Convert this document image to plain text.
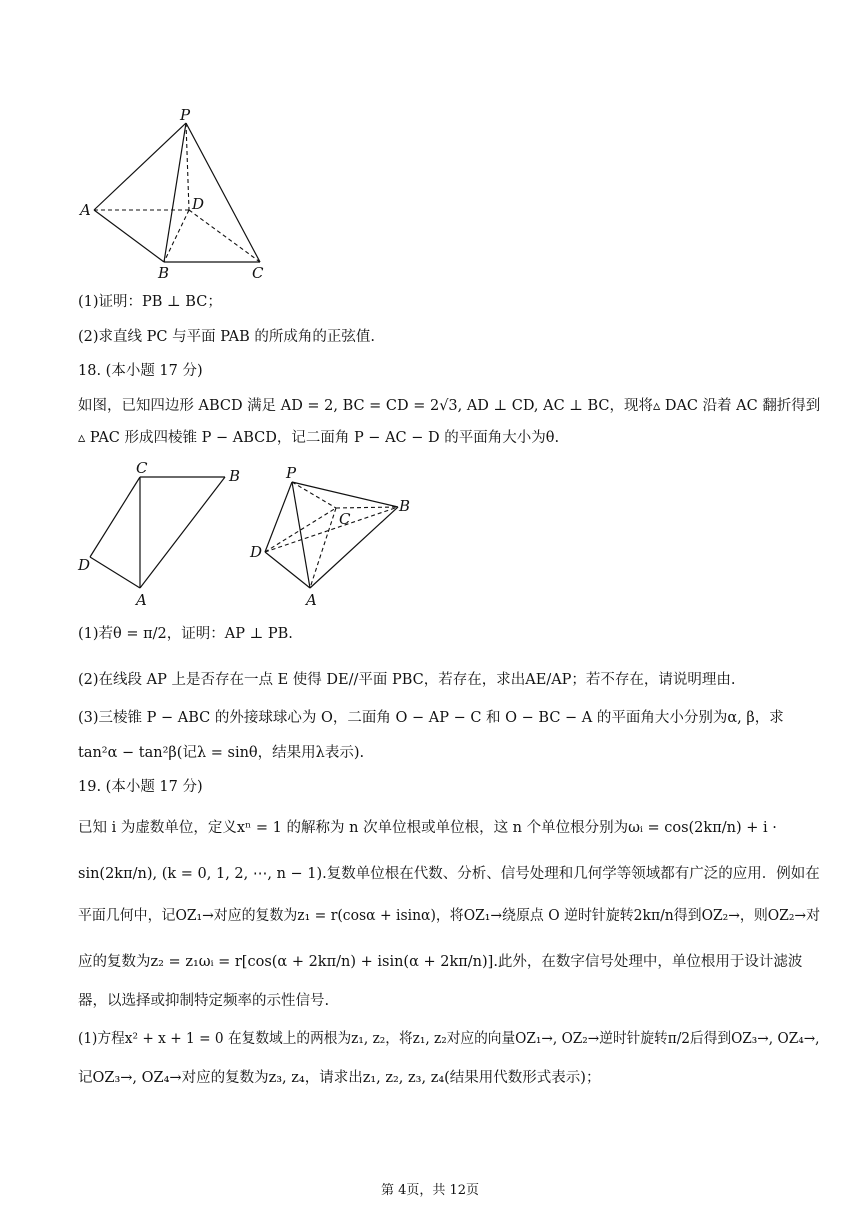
P
A	D
B	C
(1)证明：PB ⊥ BC；
(2)求直线 PC 与平面 PAB 的所成角的正弦值.
18. (本小题 17 分)
如图，已知四边形 ABCD 满足 AD = 2, BC = CD = 2√3, AD ⊥ CD, AC ⊥ BC，现将▵ DAC 沿着 AC 翻折得到
▵ PAC 形成四棱锥 P − ABCD，记二面角 P − AC − D 的平面角大小为θ.
C	B
D
A
P
C
B
D
A
(1)若θ = π/2，证明：AP ⊥ PB.
(2)在线段 AP 上是否存在一点 E 使得 DE//平面 PBC，若存在，求出AE/AP；若不存在，请说明理由.
(3)三棱锥 P − ABC 的外接球球心为 O，二面角 O − AP − C 和 O − BC − A 的平面角大小分别为α, β，求
tan²α − tan²β(记λ = sinθ，结果用λ表示).
19. (本小题 17 分)
已知 i 为虚数单位，定义xⁿ = 1 的解称为 n 次单位根或单位根，这 n 个单位根分别为ωᵢ = cos(2kπ/n) + i ·
sin(2kπ/n), (k = 0, 1, 2, ⋯, n − 1).复数单位根在代数、分析、信号处理和几何学等领域都有广泛的应用．例如在
平面几何中，记OZ₁→对应的复数为z₁ = r(cosα + isinα)，将OZ₁→绕原点 O 逆时针旋转2kπ/n得到OZ₂→，则OZ₂→对
应的复数为z₂ = z₁ωᵢ = r[cos(α + 2kπ/n) + isin(α + 2kπ/n)].此外，在数字信号处理中，单位根用于设计滤波
器，以选择或抑制特定频率的示性信号.
(1)方程x² + x + 1 = 0 在复数域上的两根为z₁, z₂，将z₁, z₂对应的向量OZ₁→, OZ₂→逆时针旋转π/2后得到OZ₃→, OZ₄→,
记OZ₃→, OZ₄→对应的复数为z₃, z₄，请求出z₁, z₂, z₃, z₄(结果用代数形式表示)；
第 4页，共 12页
